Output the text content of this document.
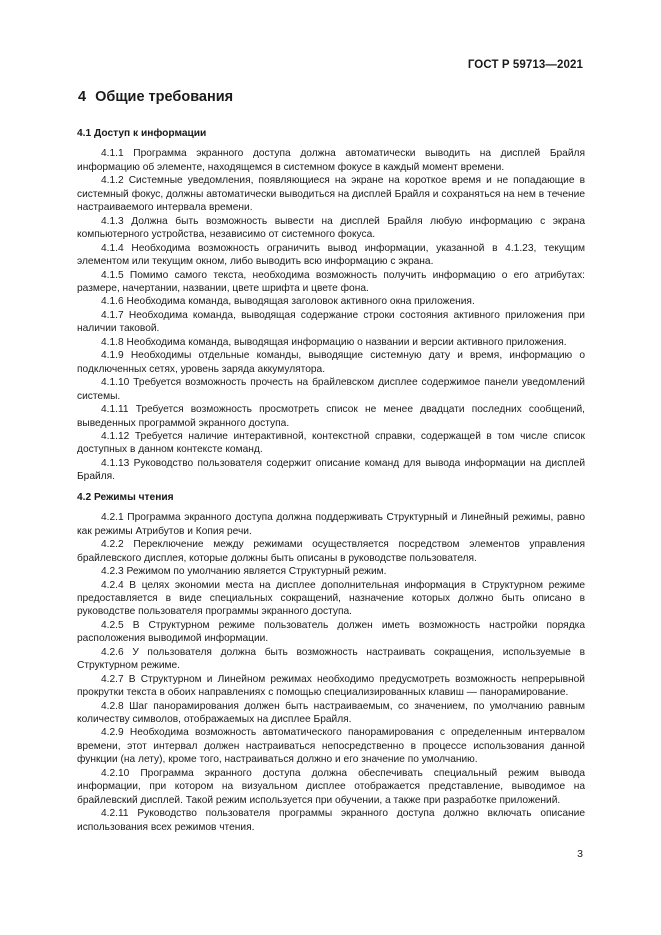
ГОСТ Р 59713—2021
4 Общие требования
4.1 Доступ к информации

4.1.1 Программа экранного доступа должна автоматически выводить на дисплей Брайля информацию об элементе, находящемся в системном фокусе в каждый момент времени.

4.1.2 Системные уведомления, появляющиеся на экране на короткое время и не попадающие в системный фокус, должны автоматически выводиться на дисплей Брайля и сохраняться на нем в течение настраиваемого интервала времени.

4.1.3 Должна быть возможность вывести на дисплей Брайля любую информацию с экрана компьютерного устройства, независимо от системного фокуса.

4.1.4 Необходима возможность ограничить вывод информации, указанной в 4.1.23, текущим элементом или текущим окном, либо выводить всю информацию с экрана.

4.1.5 Помимо самого текста, необходима возможность получить информацию о его атрибутах: размере, начертании, названии, цвете шрифта и цвете фона.

4.1.6 Необходима команда, выводящая заголовок активного окна приложения.

4.1.7 Необходима команда, выводящая содержание строки состояния активного приложения при наличии таковой.

4.1.8 Необходима команда, выводящая информацию о названии и версии активного приложения.

4.1.9 Необходимы отдельные команды, выводящие системную дату и время, информацию о подключенных сетях, уровень заряда аккумулятора.

4.1.10 Требуется возможность прочесть на брайлевском дисплее содержимое панели уведомлений системы.

4.1.11 Требуется возможность просмотреть список не менее двадцати последних сообщений, выведенных программой экранного доступа.

4.1.12 Требуется наличие интерактивной, контекстной справки, содержащей в том числе список доступных в данном контексте команд.

4.1.13 Руководство пользователя содержит описание команд для вывода информации на дисплей Брайля.

4.2 Режимы чтения

4.2.1 Программа экранного доступа должна поддерживать Структурный и Линейный режимы, равно как режимы Атрибутов и Копия речи.

4.2.2 Переключение между режимами осуществляется посредством элементов управления брайлевского дисплея, которые должны быть описаны в руководстве пользователя.

4.2.3 Режимом по умолчанию является Структурный режим.

4.2.4 В целях экономии места на дисплее дополнительная информация в Структурном режиме предоставляется в виде специальных сокращений, назначение которых должно быть описано в руководстве пользователя программы экранного доступа.

4.2.5 В Структурном режиме пользователь должен иметь возможность настройки порядка расположения выводимой информации.

4.2.6 У пользователя должна быть возможность настраивать сокращения, используемые в Структурном режиме.

4.2.7 В Структурном и Линейном режимах необходимо предусмотреть возможность непрерывной прокрутки текста в обоих направлениях с помощью специализированных клавиш — панорамирование.

4.2.8 Шаг панорамирования должен быть настраиваемым, со значением, по умолчанию равным количеству символов, отображаемых на дисплее Брайля.

4.2.9 Необходима возможность автоматического панорамирования с определенным интервалом времени, этот интервал должен настраиваться непосредственно в процессе использования данной функции (на лету), кроме того, настраиваться должно и его значение по умолчанию.

4.2.10 Программа экранного доступа должна обеспечивать специальный режим вывода информации, при котором на визуальном дисплее отображается представление, выводимое на брайлевский дисплей. Такой режим используется при обучении, а также при разработке приложений.

4.2.11 Руководство пользователя программы экранного доступа должно включать описание использования всех режимов чтения.

3
